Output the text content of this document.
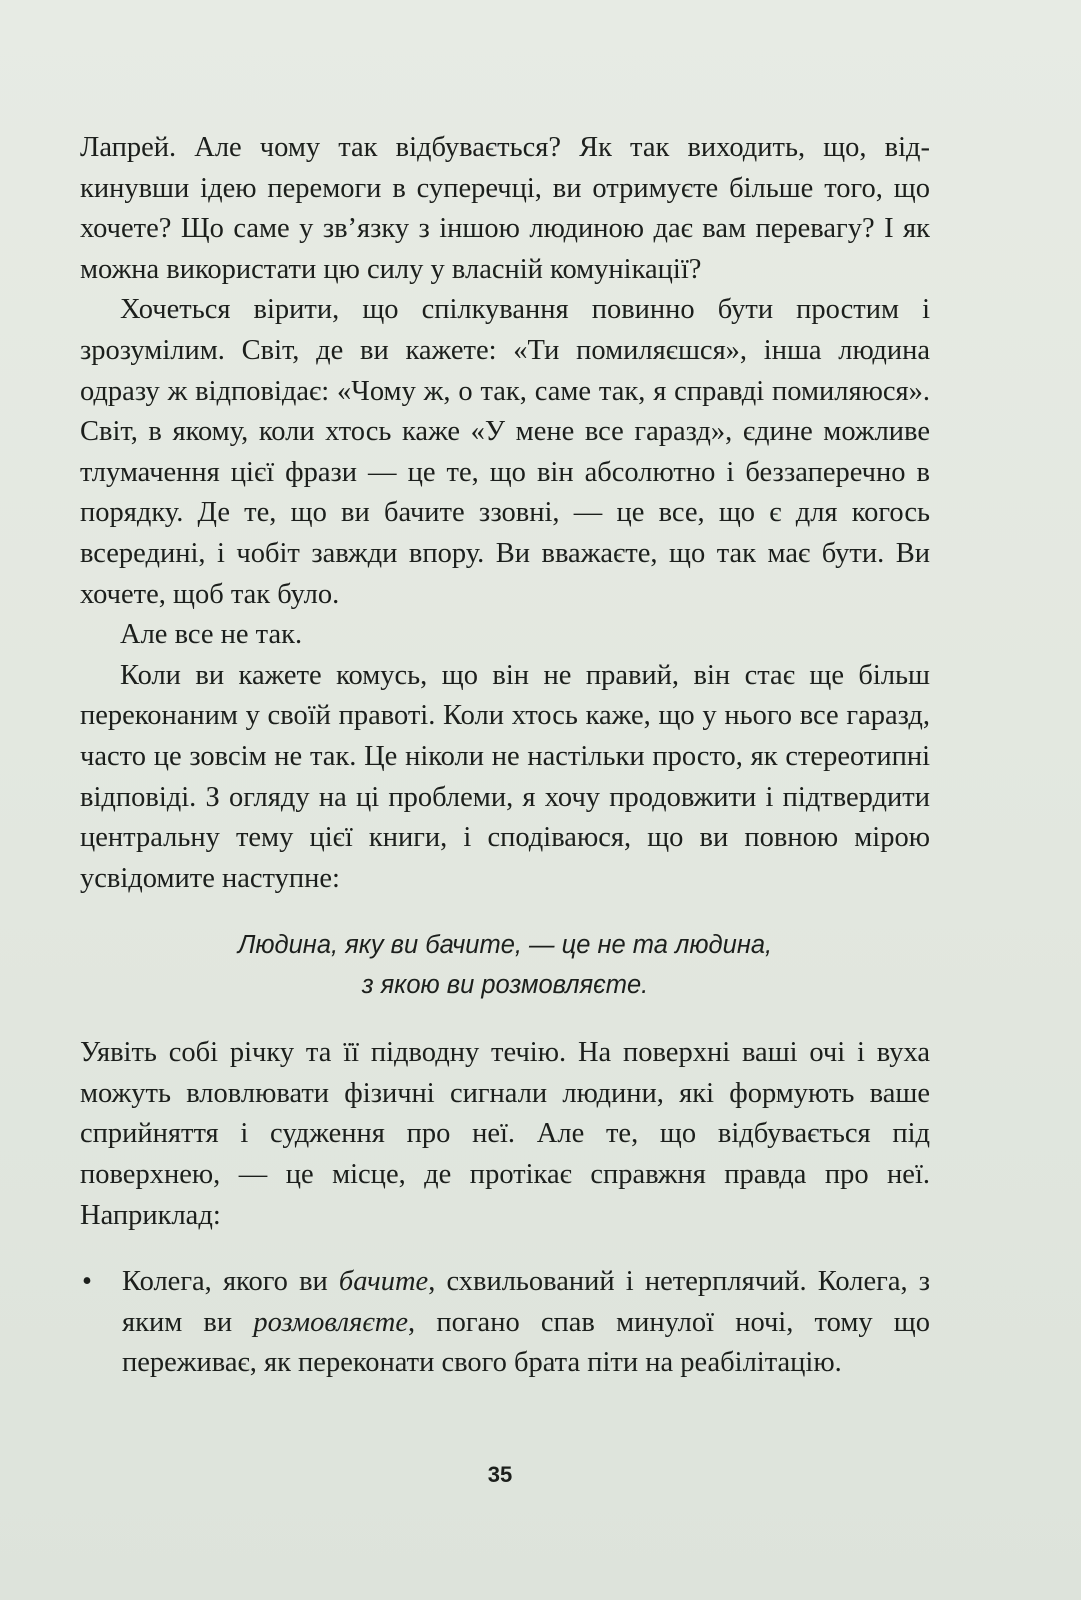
Лапрей. Але чому так відбувається? Як так виходить, що, відкинувши ідею перемоги в суперечці, ви отримуєте більше того, що хочете? Що саме у зв’язку з іншою людиною дає вам перевагу? І як можна використати цю силу у власній комунікації?

Хочеться вірити, що спілкування повинно бути простим і зрозумілим. Світ, де ви кажете: «Ти помиляєшся», інша людина одразу ж відповідає: «Чому ж, о так, саме так, я справді помиляюся». Світ, в якому, коли хтось каже «У мене все гаразд», єдине можливе тлумачення цієї фрази — це те, що він абсолютно і беззаперечно в порядку. Де те, що ви бачите ззовні, — це все, що є для когось всередині, і чобіт завжди впору. Ви вважаєте, що так має бути. Ви хочете, щоб так було.

Але все не так.

Коли ви кажете комусь, що він не правий, він стає ще більш переконаним у своїй правоті. Коли хтось каже, що у нього все гаразд, часто це зовсім не так. Це ніколи не настільки просто, як стереотипні відповіді. З огляду на ці проблеми, я хочу продовжити і підтвердити центральну тему цієї книги, і сподіваюся, що ви повною мірою усвідомите наступне:

Людина, яку ви бачите, — це не та людина,
з якою ви розмовляєте.

Уявіть собі річку та її підводну течію. На поверхні ваші очі і вуха можуть вловлювати фізичні сигнали людини, які формують ваше сприйняття і судження про неї. Але те, що відбувається під поверхнею, — це місце, де протікає справжня правда про неї. Наприклад:

• Колега, якого ви бачите, схвильований і нетерплячий. Колега, з яким ви розмовляєте, погано спав минулої ночі, тому що переживає, як переконати свого брата піти на реабілітацію.
35
